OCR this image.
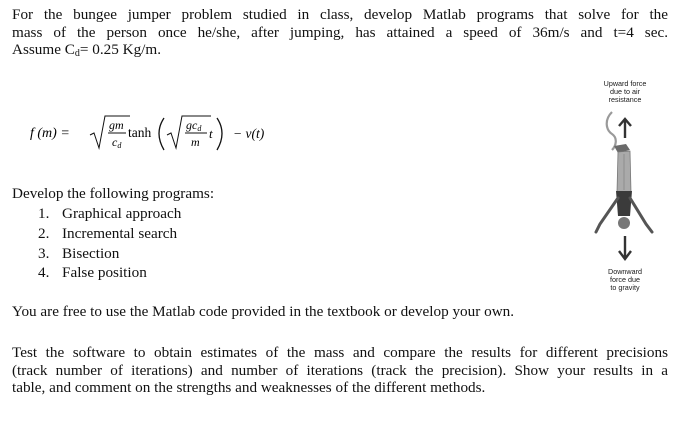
For the bungee jumper problem studied in class, develop Matlab programs that solve for the
mass of the person once he/she, after jumping, has attained a speed of 36m/s and t=4 sec.
Assume $C_d= 0.25$ Kg/m.

f (m) =
gm
cd
tanh	gcd
m
t − v(t)
Develop the following programs:
1. Graphical approach
2. Incremental search
3. Bisection
4. False position
You are free to use the Matlab code provided in the textbook or develop your own.

Test the software to obtain estimates of the mass and compare the results for different precisions
(track number of iterations) and number of iterations (track the precision). Show your results in a
table, and comment on the strengths and weaknesses of the different methods.

Upward force
due to air
resistance
Downward
force due
to gravity
